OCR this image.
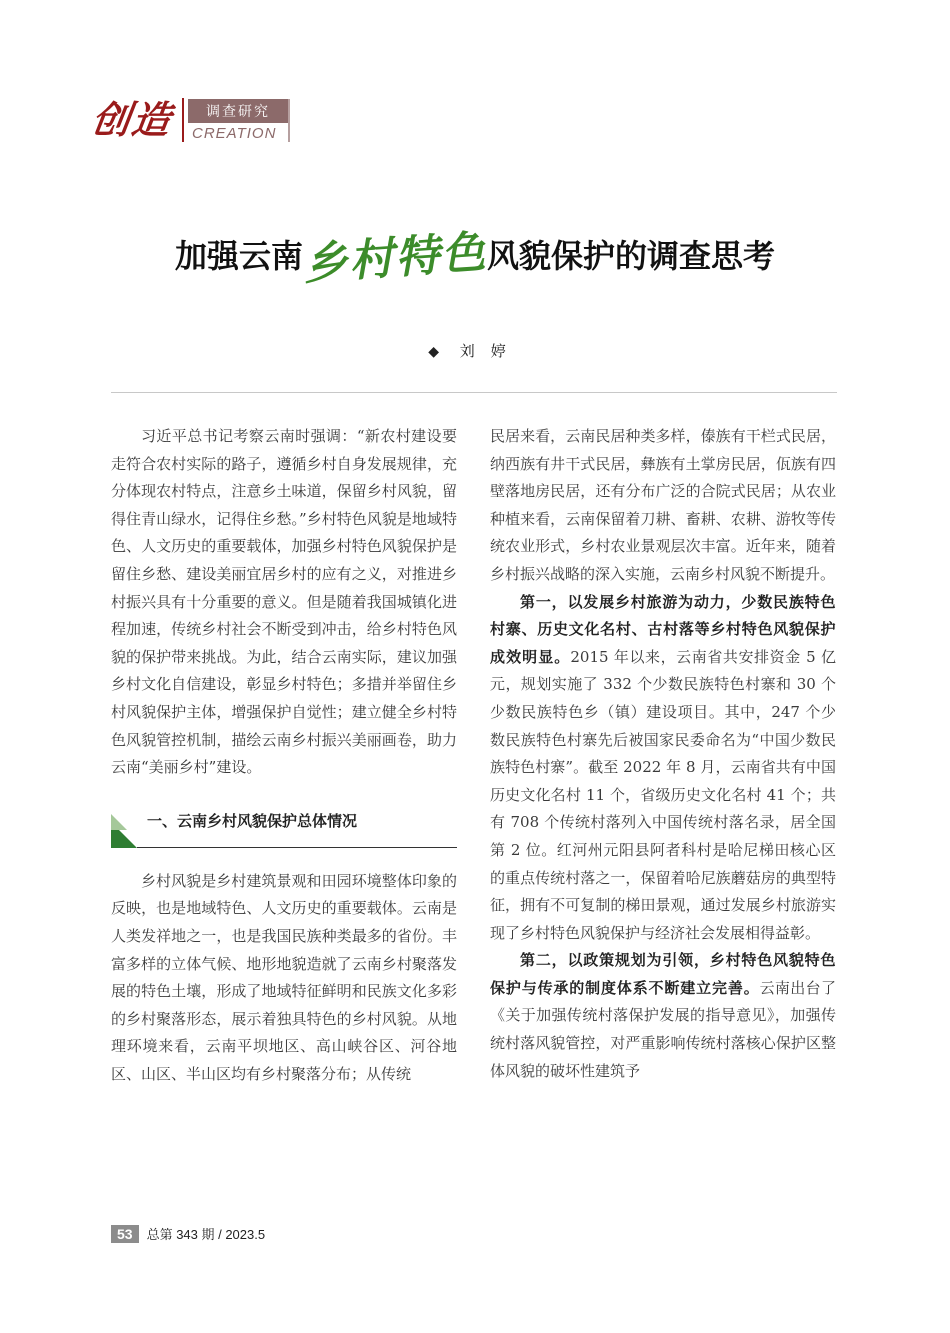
创造	调查研究
CREATION
加强云南乡村特色风貌保护的调查思考
◆ 刘婷

习近平总书记考察云南时强调：“新农村建设要走符合农村实际的路子，遵循乡村自身发展规律，充分体现农村特点，注意乡土味道，保留乡村风貌，留得住青山绿水，记得住乡愁。”乡村特色风貌是地域特色、人文历史的重要载体，加强乡村特色风貌保护是留住乡愁、建设美丽宜居乡村的应有之义，对推进乡村振兴具有十分重要的意义。但是随着我国城镇化进程加速，传统乡村社会不断受到冲击，给乡村特色风貌的保护带来挑战。为此，结合云南实际，建议加强乡村文化自信建设，彰显乡村特色；多措并举留住乡村风貌保护主体，增强保护自觉性；建立健全乡村特色风貌管控机制，描绘云南乡村振兴美丽画卷，助力云南“美丽乡村”建设。

一、云南乡村风貌保护总体情况

乡村风貌是乡村建筑景观和田园环境整体印象的反映，也是地域特色、人文历史的重要载体。云南是人类发祥地之一，也是我国民族种类最多的省份。丰富多样的立体气候、地形地貌造就了云南乡村聚落发展的特色土壤，形成了地域特征鲜明和民族文化多彩的乡村聚落形态，展示着独具特色的乡村风貌。从地理环境来看，云南平坝地区、高山峡谷区、河谷地区、山区、半山区均有乡村聚落分布；从传统

民居来看，云南民居种类多样，傣族有干栏式民居，纳西族有井干式民居，彝族有土掌房民居，佤族有四壁落地房民居，还有分布广泛的合院式民居；从农业种植来看，云南保留着刀耕、畜耕、农耕、游牧等传统农业形式，乡村农业景观层次丰富。近年来，随着乡村振兴战略的深入实施，云南乡村风貌不断提升。

第一，以发展乡村旅游为动力，少数民族特色村寨、历史文化名村、古村落等乡村特色风貌保护成效明显。2015 年以来，云南省共安排资金 5 亿元，规划实施了 332 个少数民族特色村寨和 30 个少数民族特色乡（镇）建设项目。其中，247 个少数民族特色村寨先后被国家民委命名为“中国少数民族特色村寨”。截至 2022 年 8 月，云南省共有中国历史文化名村 11 个，省级历史文化名村 41 个；共有 708 个传统村落列入中国传统村落名录，居全国第 2 位。红河州元阳县阿者科村是哈尼梯田核心区的重点传统村落之一，保留着哈尼族蘑菇房的典型特征，拥有不可复制的梯田景观，通过发展乡村旅游实现了乡村特色风貌保护与经济社会发展相得益彰。

第二，以政策规划为引领，乡村特色风貌特色保护与传承的制度体系不断建立完善。云南出台了《关于加强传统村落保护发展的指导意见》，加强传统村落风貌管控，对严重影响传统村落核心保护区整体风貌的破坏性建筑予

53	总第 343 期 / 2023.5
